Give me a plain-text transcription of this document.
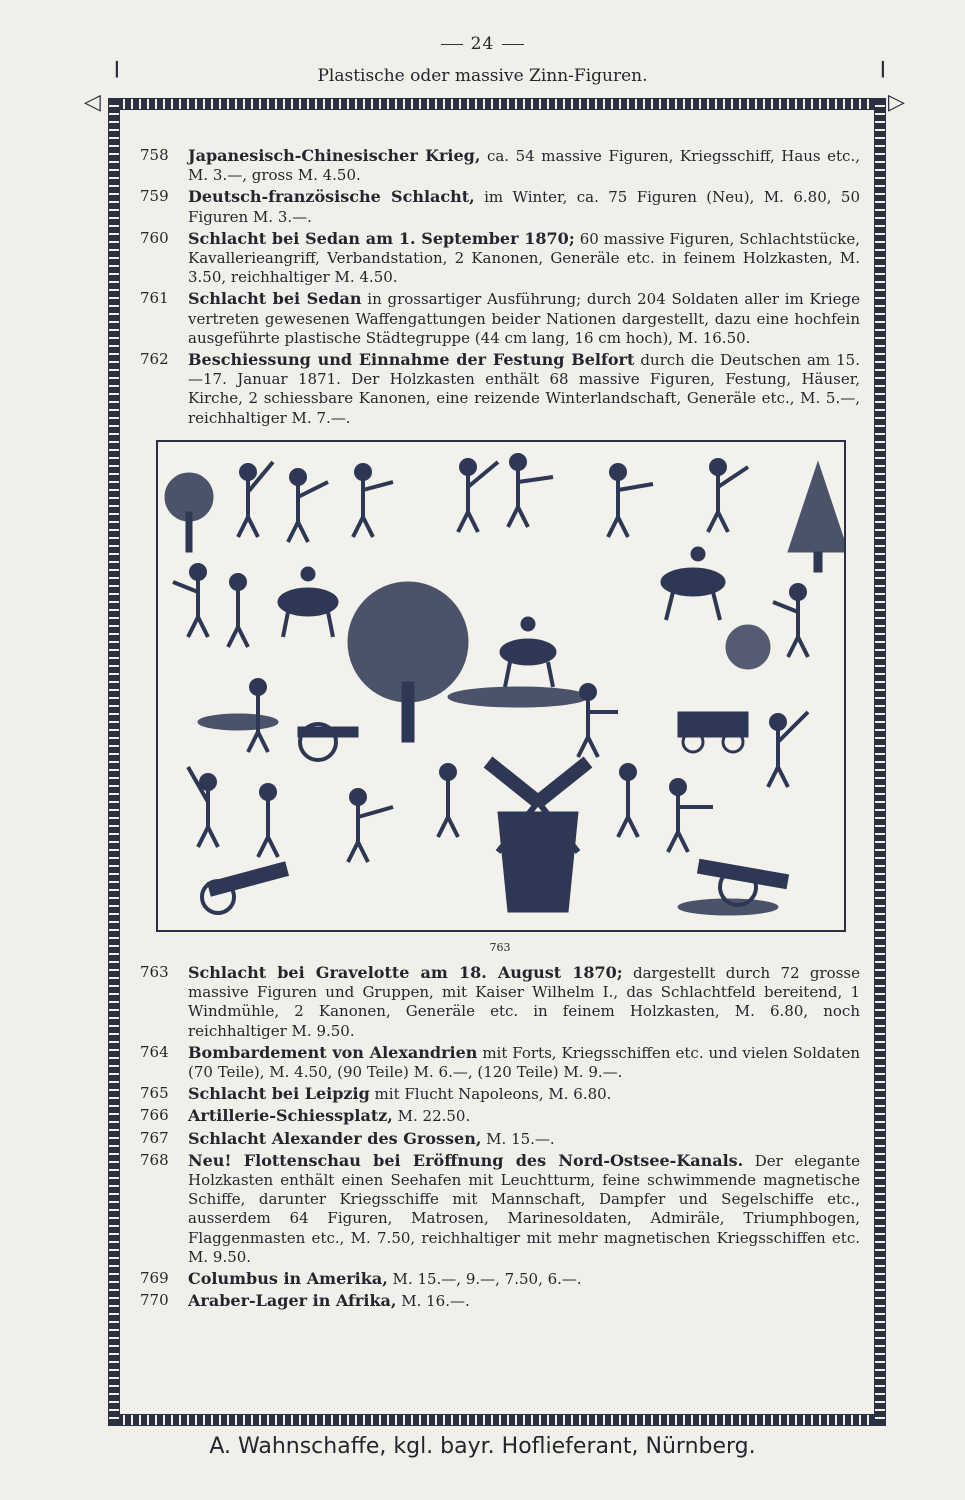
24
Plastische oder massive Zinn-Figuren.
┃	┃
◁	▷
758 Japanesisch-Chinesischer Krieg, ca. 54 massive Figuren, Kriegsschiff, Haus etc., M. 3.—, gross M. 4.50.
759 Deutsch-französische Schlacht, im Winter, ca. 75 Figuren (Neu), M. 6.80, 50 Figuren M. 3.—.
760 Schlacht bei Sedan am 1. September 1870; 60 massive Figuren, Schlachtstücke, Kavallerieangriff, Verbandstation, 2 Kanonen, Generäle etc. in feinem Holzkasten, M. 3.50, reichhaltiger M. 4.50.
761 Schlacht bei Sedan in grossartiger Ausführung; durch 204 Soldaten aller im Kriege vertreten gewesenen Waffengattungen beider Nationen dargestellt, dazu eine hochfein ausgeführte plastische Städtegruppe (44 cm lang, 16 cm hoch), M. 16.50.
762 Beschiessung und Einnahme der Festung Belfort durch die Deutschen am 15.—17. Januar 1871. Der Holzkasten enthält 68 massive Figuren, Festung, Häuser, Kirche, 2 schiessbare Kanonen, eine reizende Winterlandschaft, Generäle etc., M. 5.—, reichhaltiger M. 7.—.
763
763 Schlacht bei Gravelotte am 18. August 1870; dargestellt durch 72 grosse massive Figuren und Gruppen, mit Kaiser Wilhelm I., das Schlachtfeld bereitend, 1 Windmühle, 2 Kanonen, Generäle etc. in feinem Holzkasten, M. 6.80, noch reichhaltiger M. 9.50.
764 Bombardement von Alexandrien mit Forts, Kriegsschiffen etc. und vielen Soldaten (70 Teile), M. 4.50, (90 Teile) M. 6.—, (120 Teile) M. 9.—.
765 Schlacht bei Leipzig mit Flucht Napoleons, M. 6.80.
766 Artillerie-Schiessplatz, M. 22.50.
767 Schlacht Alexander des Grossen, M. 15.—.
768 Neu! Flottenschau bei Eröffnung des Nord-Ostsee-Kanals. Der elegante Holzkasten enthält einen Seehafen mit Leuchtturm, feine schwimmende magnetische Schiffe, darunter Kriegsschiffe mit Mannschaft, Dampfer und Segelschiffe etc., ausserdem 64 Figuren, Matrosen, Marinesoldaten, Admiräle, Triumphbogen, Flaggenmasten etc., M. 7.50, reichhaltiger mit mehr magnetischen Kriegsschiffen etc. M. 9.50.
769 Columbus in Amerika, M. 15.—, 9.—, 7.50, 6.—.
770 Araber-Lager in Afrika, M. 16.—.
A. Wahnschaffe, kgl. bayr. Hoflieferant, Nürnberg.
